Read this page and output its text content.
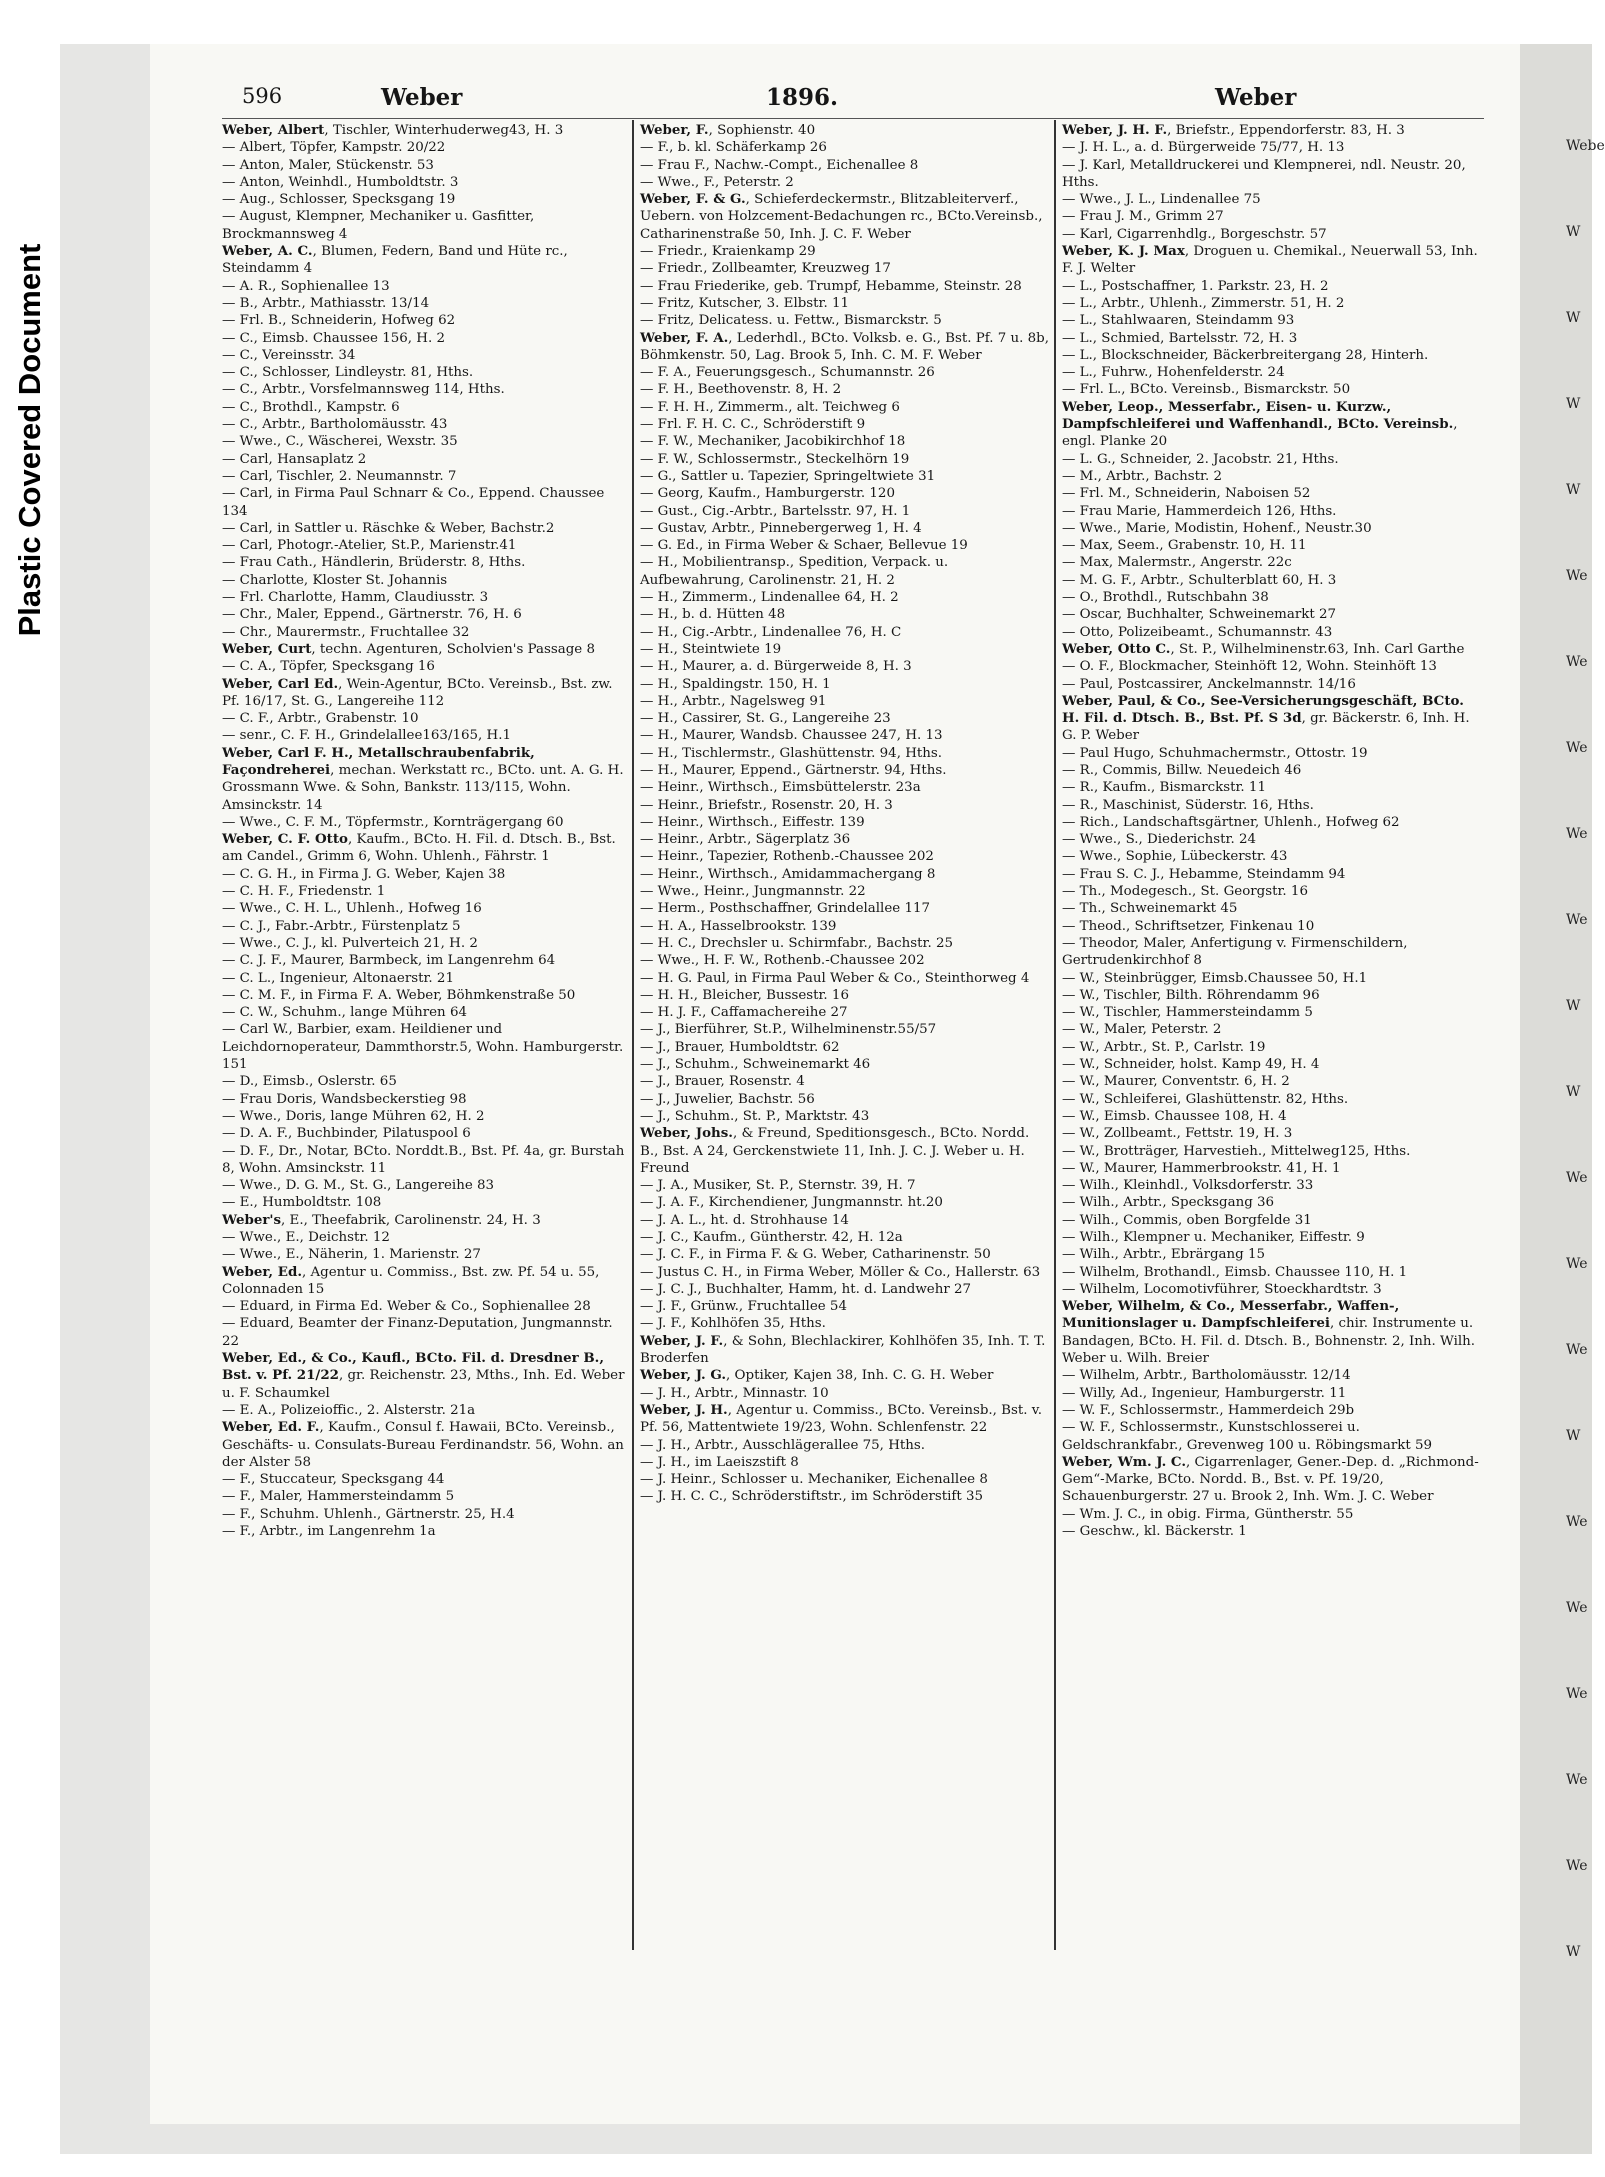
Plastic Covered Document
596	Weber	1896.	Weber
Weber, Albert, Tischler, Winterhuderweg43, H. 3
— Albert, Töpfer, Kampstr. 20/22
— Anton, Maler, Stückenstr. 53
— Anton, Weinhdl., Humboldtstr. 3
— Aug., Schlosser, Specksgang 19
— August, Klempner, Mechaniker u. Gasfitter, Brockmannsweg 4
Weber, A. C., Blumen, Federn, Band und Hüte rc., Steindamm 4
— A. R., Sophienallee 13
— B., Arbtr., Mathiasstr. 13/14
— Frl. B., Schneiderin, Hofweg 62
— C., Eimsb. Chaussee 156, H. 2
— C., Vereinsstr. 34
— C., Schlosser, Lindleystr. 81, Hths.
— C., Arbtr., Vorsfelmannsweg 114, Hths.
— C., Brothdl., Kampstr. 6
— C., Arbtr., Bartholomäusstr. 43
— Wwe., C., Wäscherei, Wexstr. 35
— Carl, Hansaplatz 2
— Carl, Tischler, 2. Neumannstr. 7
— Carl, in Firma Paul Schnarr & Co., Eppend. Chaussee 134
— Carl, in Sattler u. Räschke & Weber, Bachstr.2
— Carl, Photogr.-Atelier, St.P., Marienstr.41
— Frau Cath., Händlerin, Brüderstr. 8, Hths.
— Charlotte, Kloster St. Johannis
— Frl. Charlotte, Hamm, Claudiusstr. 3
— Chr., Maler, Eppend., Gärtnerstr. 76, H. 6
— Chr., Maurermstr., Fruchtallee 32
Weber, Curt, techn. Agenturen, Scholvien's Passage 8
— C. A., Töpfer, Specksgang 16
Weber, Carl Ed., Wein-Agentur, BCto. Vereinsb., Bst. zw. Pf. 16/17, St. G., Langereihe 112
— C. F., Arbtr., Grabenstr. 10
— senr., C. F. H., Grindelallee163/165, H.1
Weber, Carl F. H., Metallschraubenfabrik, Façondreherei, mechan. Werkstatt rc., BCto. unt. A. G. H. Grossmann Wwe. & Sohn, Bankstr. 113/115, Wohn. Amsinckstr. 14
— Wwe., C. F. M., Töpfermstr., Kornträgergang 60
Weber, C. F. Otto, Kaufm., BCto. H. Fil. d. Dtsch. B., Bst. am Candel., Grimm 6, Wohn. Uhlenh., Fährstr. 1
— C. G. H., in Firma J. G. Weber, Kajen 38
— C. H. F., Friedenstr. 1
— Wwe., C. H. L., Uhlenh., Hofweg 16
— C. J., Fabr.-Arbtr., Fürstenplatz 5
— Wwe., C. J., kl. Pulverteich 21, H. 2
— C. J. F., Maurer, Barmbeck, im Langenrehm 64
— C. L., Ingenieur, Altonaerstr. 21
— C. M. F., in Firma F. A. Weber, Böhmkenstraße 50
— C. W., Schuhm., lange Mühren 64
— Carl W., Barbier, exam. Heildiener und Leichdornoperateur, Dammthorstr.5, Wohn. Hamburgerstr. 151
— D., Eimsb., Oslerstr. 65
— Frau Doris, Wandsbeckerstieg 98
— Wwe., Doris, lange Mühren 62, H. 2
— D. A. F., Buchbinder, Pilatuspool 6
— D. F., Dr., Notar, BCto. Norddt.B., Bst. Pf. 4a, gr. Burstah 8, Wohn. Amsinckstr. 11
— Wwe., D. G. M., St. G., Langereihe 83
— E., Humboldtstr. 108
Weber's, E., Theefabrik, Carolinenstr. 24, H. 3
— Wwe., E., Deichstr. 12
— Wwe., E., Näherin, 1. Marienstr. 27
Weber, Ed., Agentur u. Commiss., Bst. zw. Pf. 54 u. 55, Colonnaden 15
— Eduard, in Firma Ed. Weber & Co., Sophienallee 28
— Eduard, Beamter der Finanz-Deputation, Jungmannstr. 22
Weber, Ed., & Co., Kaufl., BCto. Fil. d. Dresdner B., Bst. v. Pf. 21/22, gr. Reichenstr. 23, Mths., Inh. Ed. Weber u. F. Schaumkel
— E. A., Polizeioffic., 2. Alsterstr. 21a
Weber, Ed. F., Kaufm., Consul f. Hawaii, BCto. Vereinsb., Geschäfts- u. Consulats-Bureau Ferdinandstr. 56, Wohn. an der Alster 58
— F., Stuccateur, Specksgang 44
— F., Maler, Hammersteindamm 5
— F., Schuhm. Uhlenh., Gärtnerstr. 25, H.4
— F., Arbtr., im Langenrehm 1a
Weber, F., Sophienstr. 40
— F., b. kl. Schäferkamp 26
— Frau F., Nachw.-Compt., Eichenallee 8
— Wwe., F., Peterstr. 2
Weber, F. & G., Schieferdeckermstr., Blitzableiterverf., Uebern. von Holzcement-Bedachungen rc., BCto.Vereinsb., Catharinenstraße 50, Inh. J. C. F. Weber
— Friedr., Kraienkamp 29
— Friedr., Zollbeamter, Kreuzweg 17
— Frau Friederike, geb. Trumpf, Hebamme, Steinstr. 28
— Fritz, Kutscher, 3. Elbstr. 11
— Fritz, Delicatess. u. Fettw., Bismarckstr. 5
Weber, F. A., Lederhdl., BCto. Volksb. e. G., Bst. Pf. 7 u. 8b, Böhmkenstr. 50, Lag. Brook 5, Inh. C. M. F. Weber
— F. A., Feuerungsgesch., Schumannstr. 26
— F. H., Beethovenstr. 8, H. 2
— F. H. H., Zimmerm., alt. Teichweg 6
— Frl. F. H. C. C., Schröderstift 9
— F. W., Mechaniker, Jacobikirchhof 18
— F. W., Schlossermstr., Steckelhörn 19
— G., Sattler u. Tapezier, Springeltwiete 31
— Georg, Kaufm., Hamburgerstr. 120
— Gust., Cig.-Arbtr., Bartelsstr. 97, H. 1
— Gustav, Arbtr., Pinnebergerweg 1, H. 4
— G. Ed., in Firma Weber & Schaer, Bellevue 19
— H., Mobilientransp., Spedition, Verpack. u. Aufbewahrung, Carolinenstr. 21, H. 2
— H., Zimmerm., Lindenallee 64, H. 2
— H., b. d. Hütten 48
— H., Cig.-Arbtr., Lindenallee 76, H. C
— H., Steintwiete 19
— H., Maurer, a. d. Bürgerweide 8, H. 3
— H., Spaldingstr. 150, H. 1
— H., Arbtr., Nagelsweg 91
— H., Cassirer, St. G., Langereihe 23
— H., Maurer, Wandsb. Chaussee 247, H. 13
— H., Tischlermstr., Glashüttenstr. 94, Hths.
— H., Maurer, Eppend., Gärtnerstr. 94, Hths.
— Heinr., Wirthsch., Eimsbüttelerstr. 23a
— Heinr., Briefstr., Rosenstr. 20, H. 3
— Heinr., Wirthsch., Eiffestr. 139
— Heinr., Arbtr., Sägerplatz 36
— Heinr., Tapezier, Rothenb.-Chaussee 202
— Heinr., Wirthsch., Amidammachergang 8
— Wwe., Heinr., Jungmannstr. 22
— Herm., Posthschaffner, Grindelallee 117
— H. A., Hasselbrookstr. 139
— H. C., Drechsler u. Schirmfabr., Bachstr. 25
— Wwe., H. F. W., Rothenb.-Chaussee 202
— H. G. Paul, in Firma Paul Weber & Co., Steinthorweg 4
— H. H., Bleicher, Bussestr. 16
— H. J. F., Caffamachereihe 27
— J., Bierführer, St.P., Wilhelminenstr.55/57
— J., Brauer, Humboldtstr. 62
— J., Schuhm., Schweinemarkt 46
— J., Brauer, Rosenstr. 4
— J., Juwelier, Bachstr. 56
— J., Schuhm., St. P., Marktstr. 43
Weber, Johs., & Freund, Speditionsgesch., BCto. Nordd. B., Bst. A 24, Gerckenstwiete 11, Inh. J. C. J. Weber u. H. Freund
— J. A., Musiker, St. P., Sternstr. 39, H. 7
— J. A. F., Kirchendiener, Jungmannstr. ht.20
— J. A. L., ht. d. Strohhause 14
— J. C., Kaufm., Güntherstr. 42, H. 12a
— J. C. F., in Firma F. & G. Weber, Catharinenstr. 50
— Justus C. H., in Firma Weber, Möller & Co., Hallerstr. 63
— J. C. J., Buchhalter, Hamm, ht. d. Landwehr 27
— J. F., Grünw., Fruchtallee 54
— J. F., Kohlhöfen 35, Hths.
Weber, J. F., & Sohn, Blechlackirer, Kohlhöfen 35, Inh. T. T. Broderfen
Weber, J. G., Optiker, Kajen 38, Inh. C. G. H. Weber
— J. H., Arbtr., Minnastr. 10
Weber, J. H., Agentur u. Commiss., BCto. Vereinsb., Bst. v. Pf. 56, Mattentwiete 19/23, Wohn. Schlenfenstr. 22
— J. H., Arbtr., Ausschlägerallee 75, Hths.
— J. H., im Laeiszstift 8
— J. Heinr., Schlosser u. Mechaniker, Eichenallee 8
— J. H. C. C., Schröderstiftstr., im Schröderstift 35
Weber, J. H. F., Briefstr., Eppendorferstr. 83, H. 3
— J. H. L., a. d. Bürgerweide 75/77, H. 13
— J. Karl, Metalldruckerei und Klempnerei, ndl. Neustr. 20, Hths.
— Wwe., J. L., Lindenallee 75
— Frau J. M., Grimm 27
— Karl, Cigarrenhdlg., Borgeschstr. 57
Weber, K. J. Max, Droguen u. Chemikal., Neuerwall 53, Inh. F. J. Welter
— L., Postschaffner, 1. Parkstr. 23, H. 2
— L., Arbtr., Uhlenh., Zimmerstr. 51, H. 2
— L., Stahlwaaren, Steindamm 93
— L., Schmied, Bartelsstr. 72, H. 3
— L., Blockschneider, Bäckerbreitergang 28, Hinterh.
— L., Fuhrw., Hohenfelderstr. 24
— Frl. L., BCto. Vereinsb., Bismarckstr. 50
Weber, Leop., Messerfabr., Eisen- u. Kurzw., Dampfschleiferei und Waffenhandl., BCto. Vereinsb., engl. Planke 20
— L. G., Schneider, 2. Jacobstr. 21, Hths.
— M., Arbtr., Bachstr. 2
— Frl. M., Schneiderin, Naboisen 52
— Frau Marie, Hammerdeich 126, Hths.
— Wwe., Marie, Modistin, Hohenf., Neustr.30
— Max, Seem., Grabenstr. 10, H. 11
— Max, Malermstr., Angerstr. 22c
— M. G. F., Arbtr., Schulterblatt 60, H. 3
— O., Brothdl., Rutschbahn 38
— Oscar, Buchhalter, Schweinemarkt 27
— Otto, Polizeibeamt., Schumannstr. 43
Weber, Otto C., St. P., Wilhelminenstr.63, Inh. Carl Garthe
— O. F., Blockmacher, Steinhöft 12, Wohn. Steinhöft 13
— Paul, Postcassirer, Anckelmannstr. 14/16
Weber, Paul, & Co., See-Versicherungsgeschäft, BCto. H. Fil. d. Dtsch. B., Bst. Pf. S 3d, gr. Bäckerstr. 6, Inh. H. G. P. Weber
— Paul Hugo, Schuhmachermstr., Ottostr. 19
— R., Commis, Billw. Neuedeich 46
— R., Kaufm., Bismarckstr. 11
— R., Maschinist, Süderstr. 16, Hths.
— Rich., Landschaftsgärtner, Uhlenh., Hofweg 62
— Wwe., S., Diederichstr. 24
— Wwe., Sophie, Lübeckerstr. 43
— Frau S. C. J., Hebamme, Steindamm 94
— Th., Modegesch., St. Georgstr. 16
— Th., Schweinemarkt 45
— Theod., Schriftsetzer, Finkenau 10
— Theodor, Maler, Anfertigung v. Firmenschildern, Gertrudenkirchhof 8
— W., Steinbrügger, Eimsb.Chaussee 50, H.1
— W., Tischler, Bilth. Röhrendamm 96
— W., Tischler, Hammersteindamm 5
— W., Maler, Peterstr. 2
— W., Arbtr., St. P., Carlstr. 19
— W., Schneider, holst. Kamp 49, H. 4
— W., Maurer, Conventstr. 6, H. 2
— W., Schleiferei, Glashüttenstr. 82, Hths.
— W., Eimsb. Chaussee 108, H. 4
— W., Zollbeamt., Fettstr. 19, H. 3
— W., Brotträger, Harvestieh., Mittelweg125, Hths.
— W., Maurer, Hammerbrookstr. 41, H. 1
— Wilh., Kleinhdl., Volksdorferstr. 33
— Wilh., Arbtr., Specksgang 36
— Wilh., Commis, oben Borgfelde 31
— Wilh., Klempner u. Mechaniker, Eiffestr. 9
— Wilh., Arbtr., Ebrärgang 15
— Wilhelm, Brothandl., Eimsb. Chaussee 110, H. 1
— Wilhelm, Locomotivführer, Stoeckhardtstr. 3
Weber, Wilhelm, & Co., Messerfabr., Waffen-, Munitionslager u. Dampfschleiferei, chir. Instrumente u. Bandagen, BCto. H. Fil. d. Dtsch. B., Bohnenstr. 2, Inh. Wilh. Weber u. Wilh. Breier
— Wilhelm, Arbtr., Bartholomäusstr. 12/14
— Willy, Ad., Ingenieur, Hamburgerstr. 11
— W. F., Schlossermstr., Hammerdeich 29b
— W. F., Schlossermstr., Kunstschlosserei u. Geldschrankfabr., Grevenweg 100 u. Röbingsmarkt 59
Weber, Wm. J. C., Cigarrenlager, Gener.-Dep. d. „Richmond-Gem“-Marke, BCto. Nordd. B., Bst. v. Pf. 19/20, Schauenburgerstr. 27 u. Brook 2, Inh. Wm. J. C. Weber
— Wm. J. C., in obig. Firma, Güntherstr. 55
— Geschw., kl. Bäckerstr. 1
Webe
W
W
W
W
We
We
We
We
We
W
W
We
We
We
W
We
We
We
We
We
W
